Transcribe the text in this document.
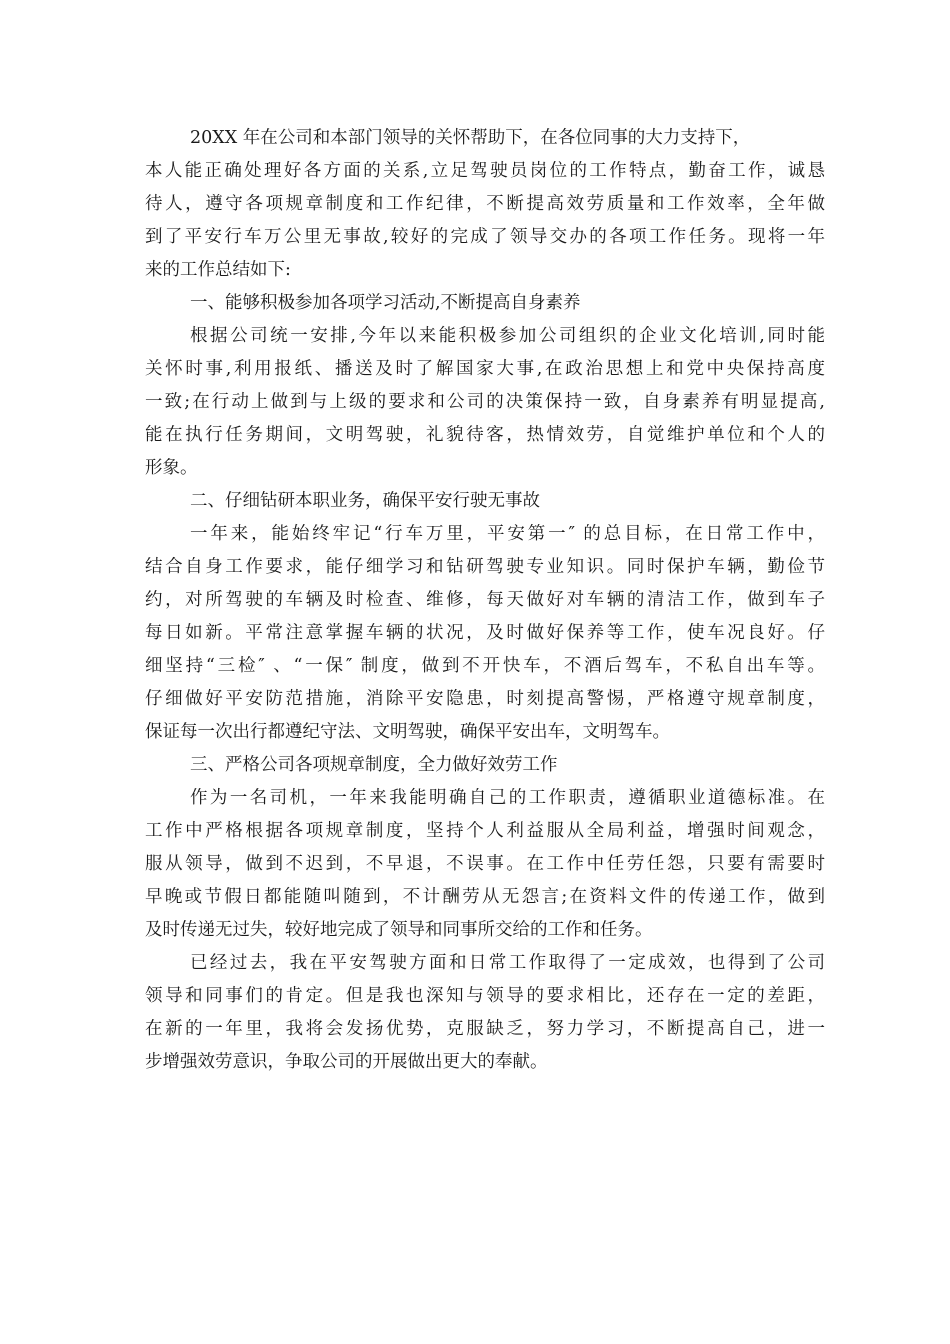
20XX 年在公司和本部门领导的关怀帮助下，在各位同事的大力支持下，
本人能正确处理好各方面的关系,立足驾驶员岗位的工作特点，勤奋工作，诚恳
待人，遵守各项规章制度和工作纪律，不断提高效劳质量和工作效率，全年做
到了平安行车万公里无事故,较好的完成了领导交办的各项工作任务。现将一年
来的工作总结如下:
一、能够积极参加各项学习活动,不断提高自身素养
根据公司统一安排,今年以来能积极参加公司组织的企业文化培训,同时能
关怀时事,利用报纸、播送及时了解国家大事,在政治思想上和党中央保持高度
一致;在行动上做到与上级的要求和公司的决策保持一致，自身素养有明显提高,
能在执行任务期间，文明驾驶，礼貌待客，热情效劳，自觉维护单位和个人的
形象。
二、仔细钻研本职业务，确保平安行驶无事故
一年来，能始终牢记“行车万里，平安第一″ 的总目标，在日常工作中，
结合自身工作要求，能仔细学习和钻研驾驶专业知识。同时保护车辆，勤俭节
约，对所驾驶的车辆及时检查、维修，每天做好对车辆的清洁工作，做到车子
每日如新。平常注意掌握车辆的状况，及时做好保养等工作，使车况良好。仔
细坚持“三检″ 、“一保″ 制度，做到不开快车，不酒后驾车，不私自出车等。
仔细做好平安防范措施，消除平安隐患，时刻提高警惕，严格遵守规章制度，
保证每一次出行都遵纪守法、文明驾驶，确保平安出车，文明驾车。
三、严格公司各项规章制度，全力做好效劳工作
作为一名司机，一年来我能明确自己的工作职责，遵循职业道德标准。在
工作中严格根据各项规章制度，坚持个人利益服从全局利益，增强时间观念，
服从领导，做到不迟到，不早退，不误事。在工作中任劳任怨，只要有需要时
早晚或节假日都能随叫随到，不计酬劳从无怨言;在资料文件的传递工作，做到
及时传递无过失，较好地完成了领导和同事所交给的工作和任务。
已经过去，我在平安驾驶方面和日常工作取得了一定成效，也得到了公司
领导和同事们的肯定。但是我也深知与领导的要求相比，还存在一定的差距，
在新的一年里，我将会发扬优势，克服缺乏，努力学习，不断提高自己，进一
步增强效劳意识，争取公司的开展做出更大的奉献。
